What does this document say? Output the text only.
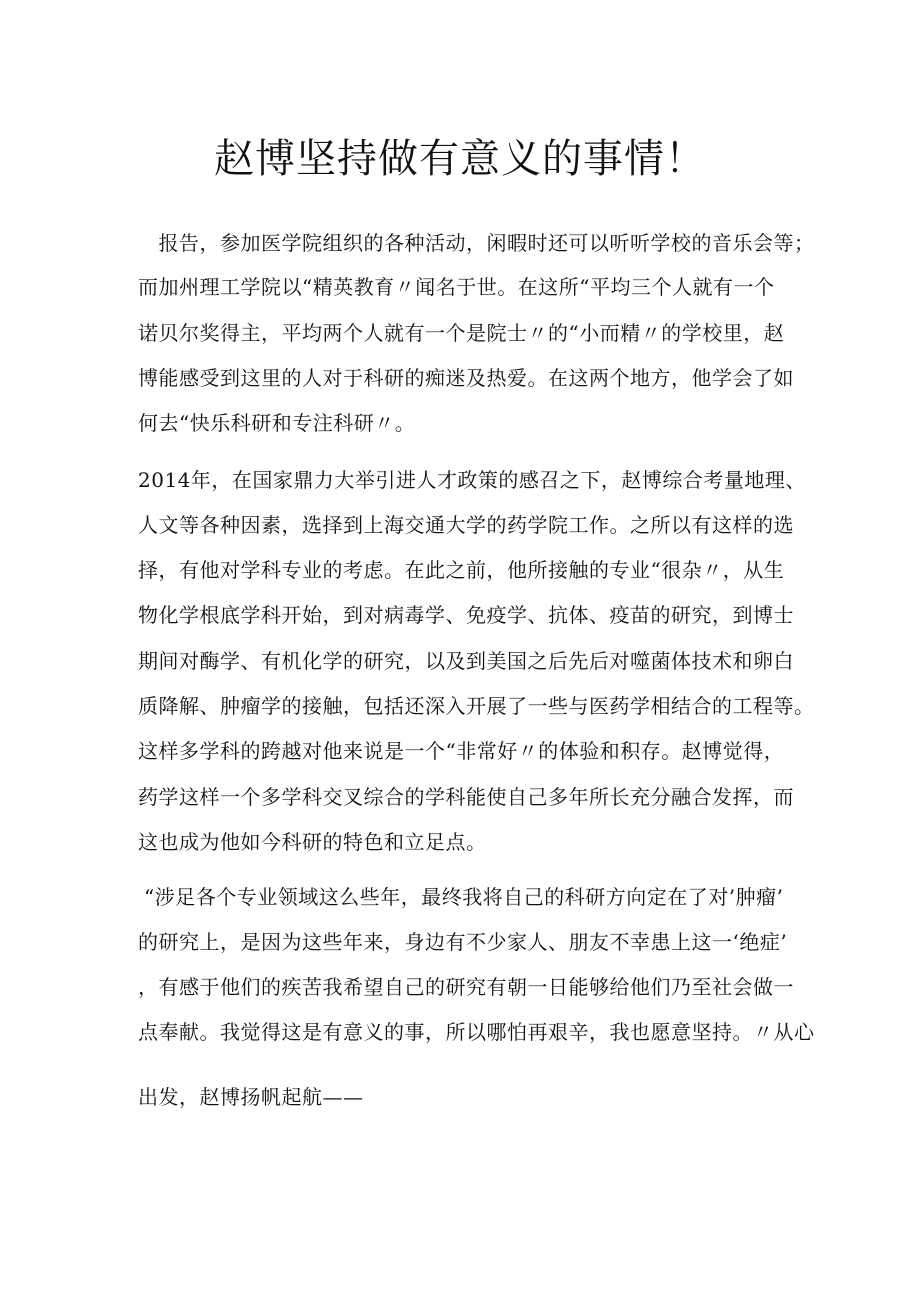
赵博坚持做有意义的事情！
　报告，参加医学院组织的各种活动，闲暇时还可以听听学校的音乐会等；
而加州理工学院以“精英教育〃闻名于世。在这所“平均三个人就有一个
诺贝尔奖得主，平均两个人就有一个是院士〃的“小而精〃的学校里，赵
博能感受到这里的人对于科研的痴迷及热爱。在这两个地方，他学会了如
何去“快乐科研和专注科研〃。
2014年，在国家鼎力大举引进人才政策的感召之下，赵博综合考量地理、
人文等各种因素，选择到上海交通大学的药学院工作。之所以有这样的选
择，有他对学科专业的考虑。在此之前，他所接触的专业“很杂〃，从生
物化学根底学科开始，到对病毒学、免疫学、抗体、疫苗的研究，到博士
期间对酶学、有机化学的研究，以及到美国之后先后对噬菌体技术和卵白
质降解、肿瘤学的接触，包括还深入开展了一些与医药学相结合的工程等。
这样多学科的跨越对他来说是一个“非常好〃的体验和积存。赵博觉得，
药学这样一个多学科交叉综合的学科能使自己多年所长充分融合发挥，而
这也成为他如今科研的特色和立足点。
“涉足各个专业领域这么些年，最终我将自己的科研方向定在了对’肿瘤’
的研究上，是因为这些年来，身边有不少家人、朋友不幸患上这一‘绝症’
，有感于他们的疾苦我希望自己的研究有朝一日能够给他们乃至社会做一
点奉献。我觉得这是有意义的事，所以哪怕再艰辛，我也愿意坚持。〃从心
出发，赵博扬帆起航——
